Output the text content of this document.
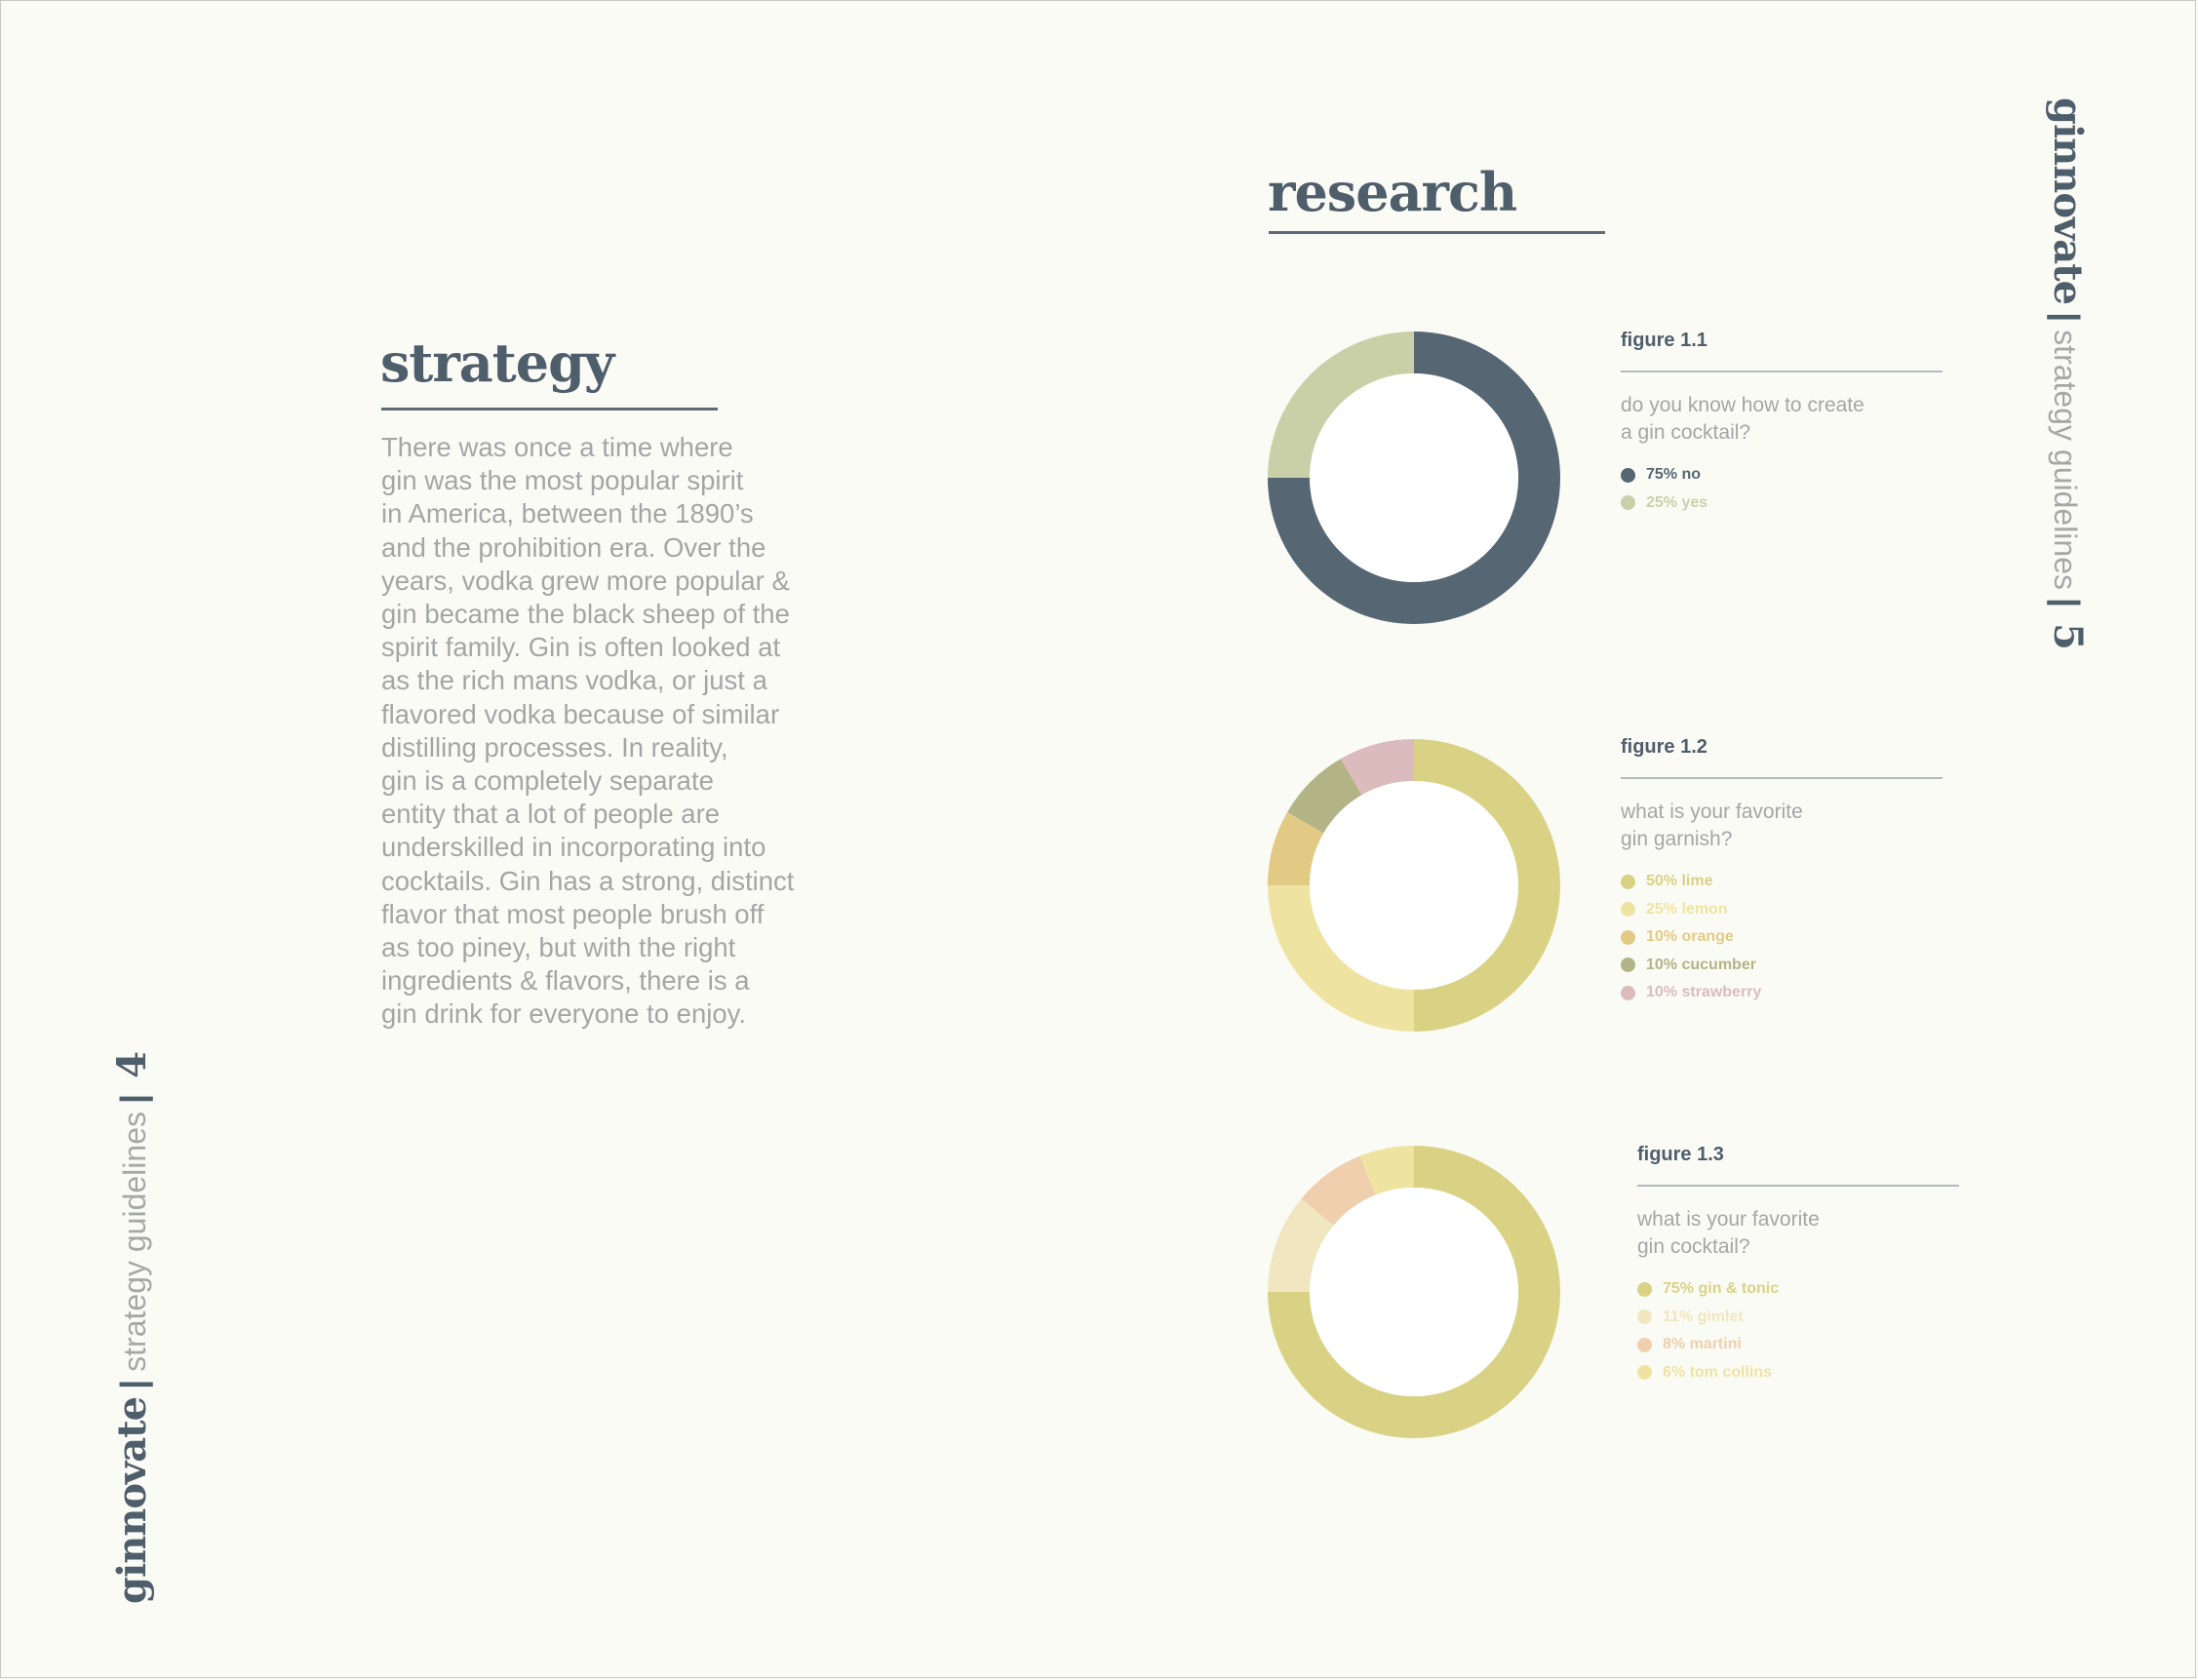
strategy
There was once a time where
gin was the most popular spirit
in America, between the 1890’s
and the prohibition era. Over the
years, vodka grew more popular &
gin became the black sheep of the
spirit family. Gin is often looked at
as the rich mans vodka, or just a
flavored vodka because of similar
distilling processes. In reality,
gin is a completely separate
entity that a lot of people are
underskilled in incorporating into
cocktails. Gin has a strong, distinct
flavor that most people brush off
as too piney, but with the right
ingredients & flavors, there is a
gin drink for everyone to enjoy.
ginnovate
|
strategy guidelines
|
4
research	ginnovate
|
strategy guidelines
|
5
figure 1.1
do you know how to create
a gin cocktail?
75% no
25% yes
figure 1.2
what is your favorite
gin garnish?
50% lime
25% lemon
10% orange
10% cucumber
10% strawberry
figure 1.3
what is your favorite
gin cocktail?
75% gin & tonic
11% gimlet
8% martini
6% tom collins
